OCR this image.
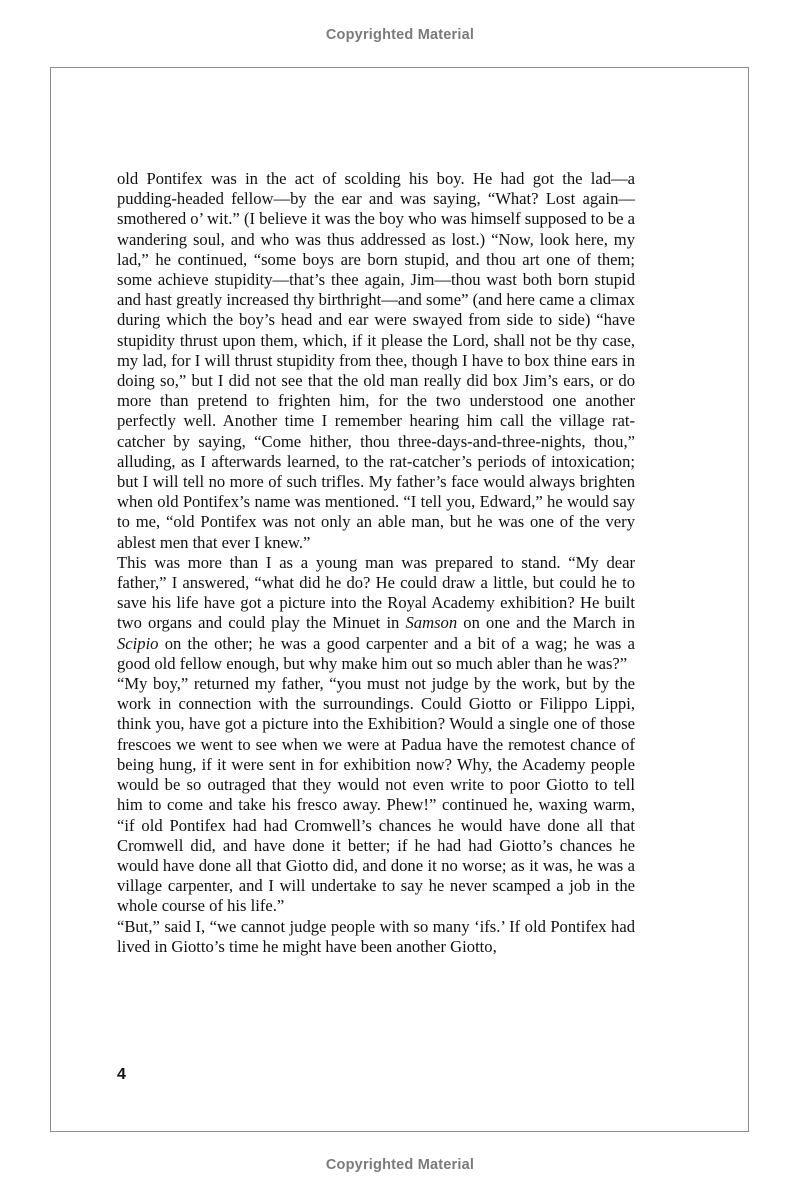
Copyrighted Material

old Pontifex was in the act of scolding his boy. He had got the lad—a pudding-headed fellow—by the ear and was saying, “What? Lost again—smothered o’ wit.” (I believe it was the boy who was himself supposed to be a wandering soul, and who was thus addressed as lost.) “Now, look here, my lad,” he continued, “some boys are born stupid, and thou art one of them; some achieve stupidity—that’s thee again, Jim—thou wast both born stupid and hast greatly increased thy birthright—and some” (and here came a climax during which the boy’s head and ear were swayed from side to side) “have stupidity thrust upon them, which, if it please the Lord, shall not be thy case, my lad, for I will thrust stupidity from thee, though I have to box thine ears in doing so,” but I did not see that the old man really did box Jim’s ears, or do more than pretend to frighten him, for the two understood one another perfectly well. Another time I remember hearing him call the village rat-catcher by saying, “Come hither, thou three-days-and-three-nights, thou,” alluding, as I afterwards learned, to the rat-catcher’s periods of intoxication; but I will tell no more of such trifles. My father’s face would always brighten when old Pontifex’s name was mentioned. “I tell you, Edward,” he would say to me, “old Pontifex was not only an able man, but he was one of the very ablest men that ever I knew.”

This was more than I as a young man was prepared to stand. “My dear father,” I answered, “what did he do? He could draw a little, but could he to save his life have got a picture into the Royal Academy exhibition? He built two organs and could play the Minuet in Samson on one and the March in Scipio on the other; he was a good carpenter and a bit of a wag; he was a good old fellow enough, but why make him out so much abler than he was?”

“My boy,” returned my father, “you must not judge by the work, but by the work in connection with the surroundings. Could Giotto or Filippo Lippi, think you, have got a picture into the Exhibition? Would a single one of those frescoes we went to see when we were at Padua have the remotest chance of being hung, if it were sent in for exhibition now? Why, the Academy people would be so outraged that they would not even write to poor Giotto to tell him to come and take his fresco away. Phew!” continued he, waxing warm, “if old Pontifex had had Cromwell’s chances he would have done all that Cromwell did, and have done it better; if he had had Giotto’s chances he would have done all that Giotto did, and done it no worse; as it was, he was a village carpenter, and I will undertake to say he never scamped a job in the whole course of his life.”

“But,” said I, “we cannot judge people with so many ‘ifs.’ If old Pontifex had lived in Giotto’s time he might have been another Giotto,

4
Copyrighted Material
